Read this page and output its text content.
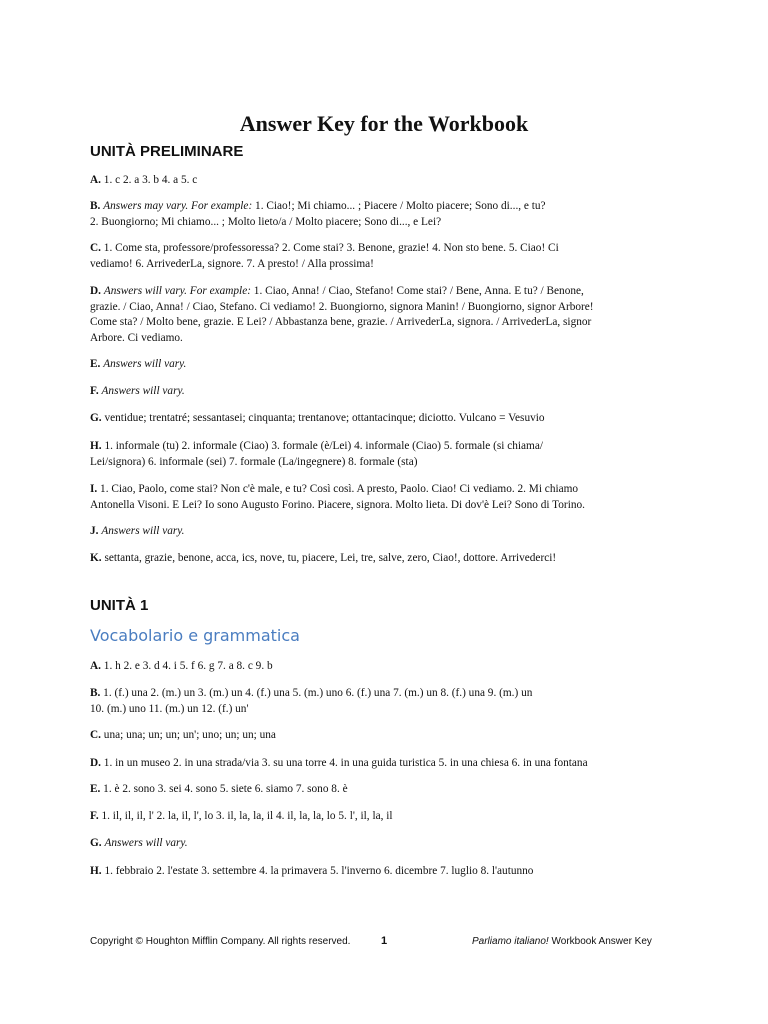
Answer Key for the Workbook
UNITÀ PRELIMINARE
A. 1. c 2. a 3. b 4. a 5. c
B. Answers may vary. For example: 1. Ciao!; Mi chiamo... ; Piacere / Molto piacere; Sono di..., e tu?
2. Buongiorno; Mi chiamo... ; Molto lieto/a / Molto piacere; Sono di..., e Lei?
C. 1. Come sta, professore/professoressa? 2. Come stai? 3. Benone, grazie! 4. Non sto bene. 5. Ciao! Ci
vediamo! 6. ArrivederLa, signore. 7. A presto! / Alla prossima!
D. Answers will vary. For example: 1. Ciao, Anna! / Ciao, Stefano! Come stai? / Bene, Anna. E tu? / Benone,
grazie. / Ciao, Anna! / Ciao, Stefano. Ci vediamo! 2. Buongiorno, signora Manin! / Buongiorno, signor Arbore!
Come sta? / Molto bene, grazie. E Lei? / Abbastanza bene, grazie. / ArrivederLa, signora. / ArrivederLa, signor
Arbore. Ci vediamo.
E. Answers will vary.
F. Answers will vary.
G. ventidue; trentatré; sessantasei; cinquanta; trentanove; ottantacinque; diciotto. Vulcano = Vesuvio
H. 1. informale (tu) 2. informale (Ciao) 3. formale (è/Lei) 4. informale (Ciao) 5. formale (si chiama/
Lei/signora) 6. informale (sei) 7. formale (La/ingegnere) 8. formale (sta)
I. 1. Ciao, Paolo, come stai? Non c'è male, e tu? Così così. A presto, Paolo. Ciao! Ci vediamo. 2. Mi chiamo
Antonella Visoni. E Lei? Io sono Augusto Forino. Piacere, signora. Molto lieta. Di dov'è Lei? Sono di Torino.
J. Answers will vary.
K. settanta, grazie, benone, acca, ics, nove, tu, piacere, Lei, tre, salve, zero, Ciao!, dottore. Arrivederci!
UNITÀ 1
Vocabolario e grammatica
A. 1. h 2. e 3. d 4. i 5. f 6. g 7. a 8. c 9. b
B. 1. (f.) una 2. (m.) un 3. (m.) un 4. (f.) una 5. (m.) uno 6. (f.) una 7. (m.) un 8. (f.) una 9. (m.) un
10. (m.) uno 11. (m.) un 12. (f.) un'
C. una; una; un; un; un'; uno; un; un; una
D. 1. in un museo 2. in una strada/via 3. su una torre 4. in una guida turistica 5. in una chiesa 6. in una fontana
E. 1. è 2. sono 3. sei 4. sono 5. siete 6. siamo 7. sono 8. è
F. 1. il, il, il, l' 2. la, il, l', lo 3. il, la, la, il 4. il, la, la, lo 5. l', il, la, il
G. Answers will vary.
H. 1. febbraio 2. l'estate 3. settembre 4. la primavera 5. l'inverno 6. dicembre 7. luglio 8. l'autunno
Copyright © Houghton Mifflin Company. All rights reserved.	1	Parliamo italiano! Workbook Answer Key
